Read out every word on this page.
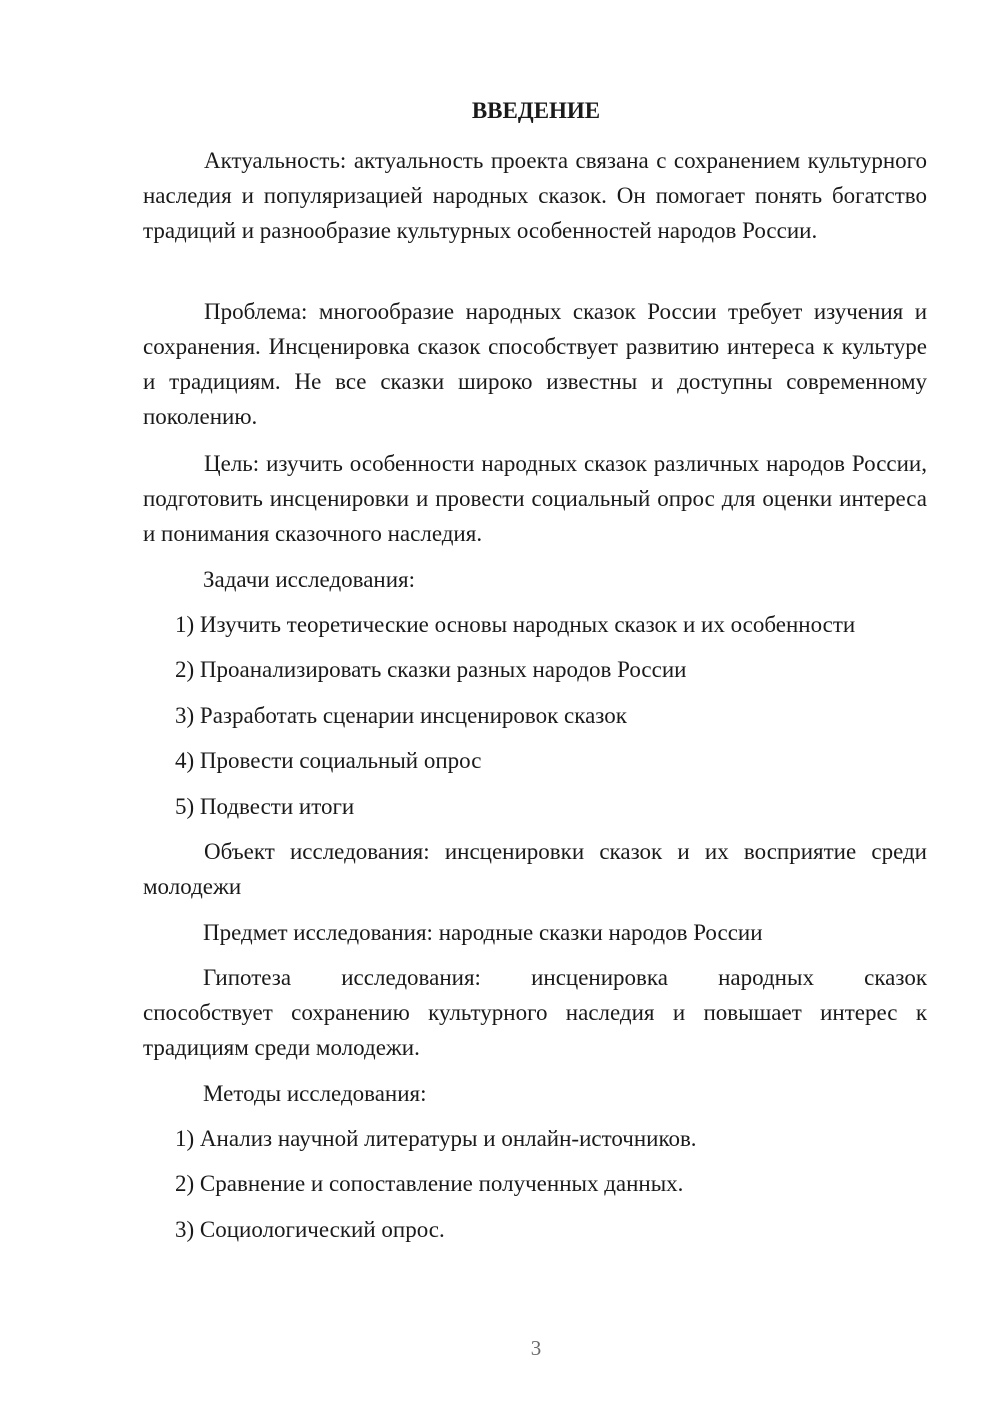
ВВЕДЕНИЕ

Актуальность: актуальность проекта связана с сохранением культурного наследия и популяризацией народных сказок. Он помогает понять богатство традиций и разнообразие культурных особенностей народов России.

Проблема: многообразие народных сказок России требует изучения и сохранения. Инсценировка сказок способствует развитию интереса к культуре и традициям. Не все сказки широко известны и доступны современному поколению.

Цель: изучить особенности народных сказок различных народов России, подготовить инсценировки и провести социальный опрос для оценки интереса и понимания сказочного наследия.

Задачи исследования:

1) Изучить теоретические основы народных сказок и их особенности

2) Проанализировать сказки разных народов России

3) Разработать сценарии инсценировок сказок

4) Провести социальный опрос

5) Подвести итоги

Объект исследования: инсценировки сказок и их восприятие среди молодежи

Предмет исследования: народные сказки народов России

Гипотеза исследования: инсценировка народных сказок

способствует сохранению культурного наследия и повышает интерес к традициям среди молодежи.

Методы исследования:

1) Анализ научной литературы и онлайн-источников.

2) Сравнение и сопоставление полученных данных.

3) Социологический опрос.

3
